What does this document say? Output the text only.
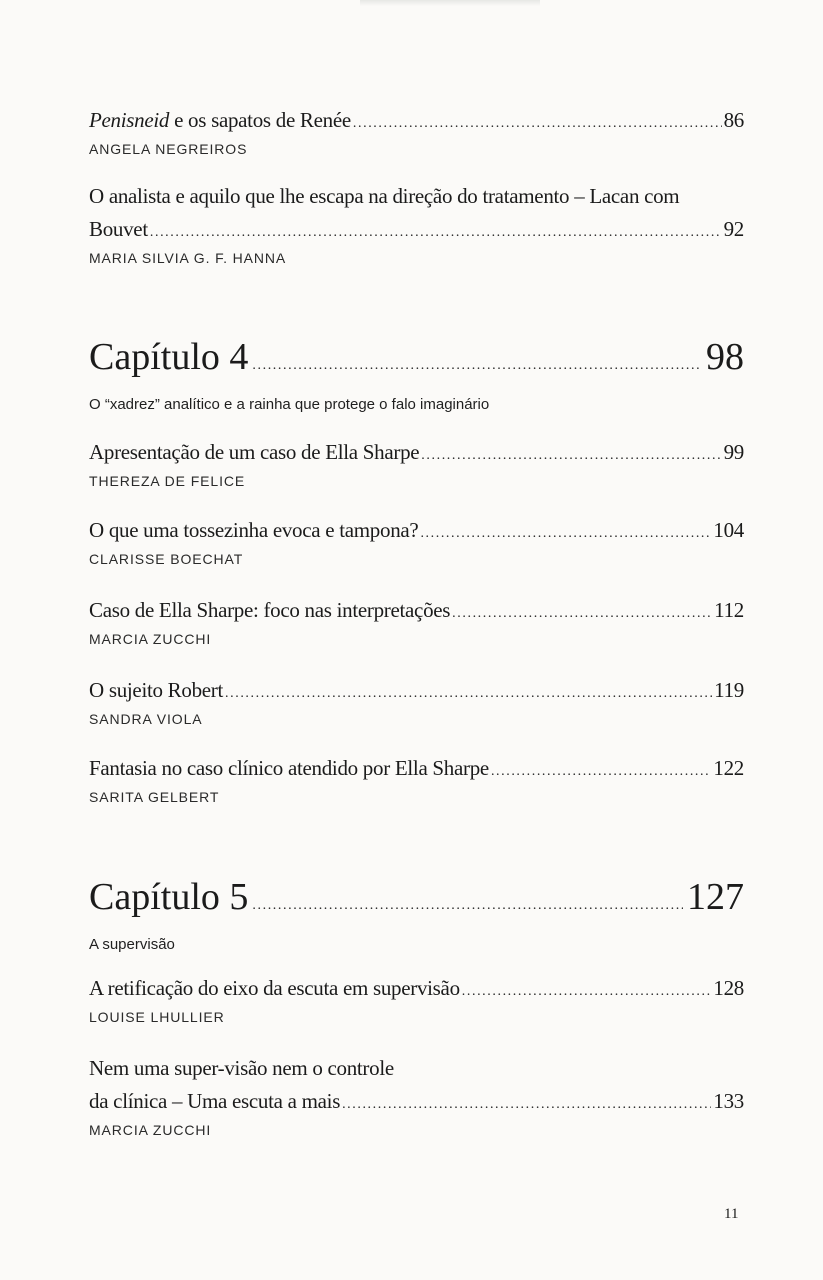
Penisneid e os sapatos de Renée .....	86
ANGELA NEGREIROS
O analista e aquilo que lhe escapa na direção do tratamento – Lacan com
Bouvet .....	92
MARIA SILVIA G. F. HANNA
Capítulo 4 .....	98
O “xadrez” analítico e a rainha que protege o falo imaginário
Apresentação de um caso de Ella Sharpe .....	99
THEREZA DE FELICE
O que uma tossezinha evoca e tampona? .....	104
CLARISSE BOECHAT
Caso de Ella Sharpe: foco nas interpretações .....	112
MARCIA ZUCCHI
O sujeito Robert .....	119
SANDRA VIOLA
Fantasia no caso clínico atendido por Ella Sharpe .....	122
SARITA GELBERT
Capítulo 5 .....	127
A supervisão
A retificação do eixo da escuta em supervisão .....	128
LOUISE LHULLIER
Nem uma super-visão nem o controle
da clínica – Uma escuta a mais .....	133
MARCIA ZUCCHI
11
